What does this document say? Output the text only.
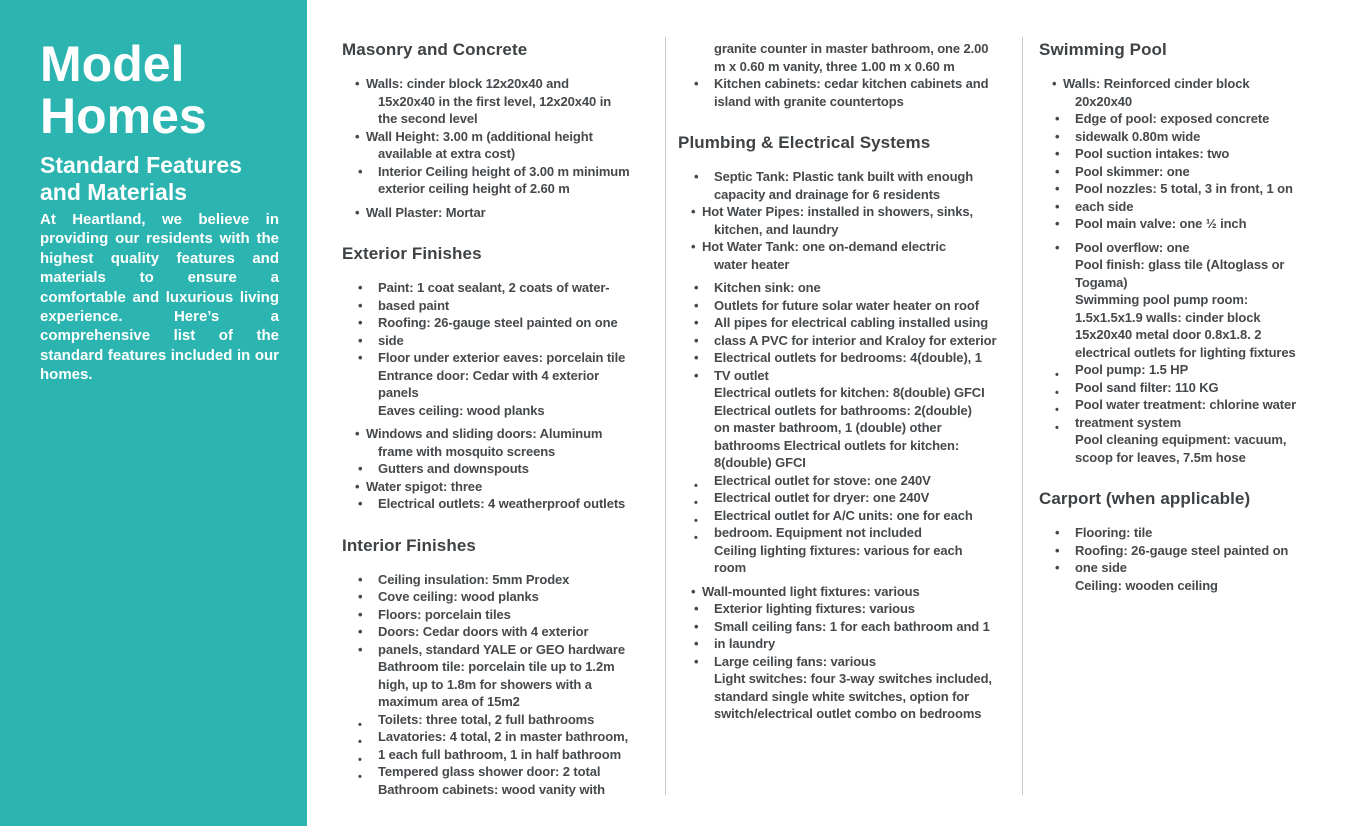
Model Homes
Standard Features and Materials

At Heartland, we believe in providing our residents with the highest quality features and materials to ensure a comfortable and luxurious living experience. Here’s a comprehensive list of the standard features included in our homes.

Masonry and Concrete
• Walls: cinder block 12x20x40 and
15x20x40 in the first level, 12x20x40 in
the second level
• Wall Height: 3.00 m (additional height
available at extra cost)
• Interior Ceiling height of 3.00 m minimum
exterior ceiling height of 2.60 m
• Wall Plaster: Mortar
Exterior Finishes
• Paint: 1 coat sealant, 2 coats of water-
• based paint
• Roofing: 26-gauge steel painted on one
• side
• Floor under exterior eaves: porcelain tile
Entrance door: Cedar with 4 exterior
panels
Eaves ceiling: wood planks
• Windows and sliding doors: Aluminum
frame with mosquito screens
• Gutters and downspouts
• Water spigot: three
• Electrical outlets: 4 weatherproof outlets
Interior Finishes
• Ceiling insulation: 5mm Prodex
• Cove ceiling: wood planks
• Floors: porcelain tiles
• Doors: Cedar doors with 4 exterior
• panels, standard YALE or GEO hardware
Bathroom tile: porcelain tile up to 1.2m
high, up to 1.8m for showers with a
maximum area of 15m2
• Toilets: three total, 2 full bathrooms
• Lavatories: 4 total, 2 in master bathroom,
• 1 each full bathroom, 1 in half bathroom
• Tempered glass shower door: 2 total
Bathroom cabinets: wood vanity with
granite counter in master bathroom, one 2.00
m x 0.60 m vanity, three 1.00 m x 0.60 m
• Kitchen cabinets: cedar kitchen cabinets and
island with granite countertops
Plumbing & Electrical Systems
• Septic Tank: Plastic tank built with enough
capacity and drainage for 6 residents
• Hot Water Pipes: installed in showers, sinks,
kitchen, and laundry
• Hot Water Tank: one on-demand electric
water heater
• Kitchen sink: one
• Outlets for future solar water heater on roof
• All pipes for electrical cabling installed using
• class A PVC for interior and Kraloy for exterior
• Electrical outlets for bedrooms: 4(double), 1
• TV outlet
Electrical outlets for kitchen: 8(double) GFCI
Electrical outlets for bathrooms: 2(double)
on master bathroom, 1 (double) other
bathrooms Electrical outlets for kitchen:
8(double) GFCI
• Electrical outlet for stove: one 240V
• Electrical outlet for dryer: one 240V
• Electrical outlet for A/C units: one for each
• bedroom. Equipment not included
Ceiling lighting fixtures: various for each
room
• Wall-mounted light fixtures: various
• Exterior lighting fixtures: various
• Small ceiling fans: 1 for each bathroom and 1
• in laundry
• Large ceiling fans: various
Light switches: four 3-way switches included,
standard single white switches, option for
switch/electrical outlet combo on bedrooms
Swimming Pool
• Walls: Reinforced cinder block
20x20x40
• Edge of pool: exposed concrete
• sidewalk 0.80m wide
• Pool suction intakes: two
• Pool skimmer: one
• Pool nozzles: 5 total, 3 in front, 1 on
• each side
• Pool main valve: one ½ inch
• Pool overflow: one
Pool finish: glass tile (Altoglass or
Togama)
Swimming pool pump room:
1.5x1.5x1.9 walls: cinder block
15x20x40 metal door 0.8x1.8. 2
electrical outlets for lighting fixtures
• Pool pump: 1.5 HP
• Pool sand filter: 110 KG
• Pool water treatment: chlorine water
• treatment system
Pool cleaning equipment: vacuum,
scoop for leaves, 7.5m hose
Carport (when applicable)
• Flooring: tile
• Roofing: 26-gauge steel painted on
• one side
Ceiling: wooden ceiling
